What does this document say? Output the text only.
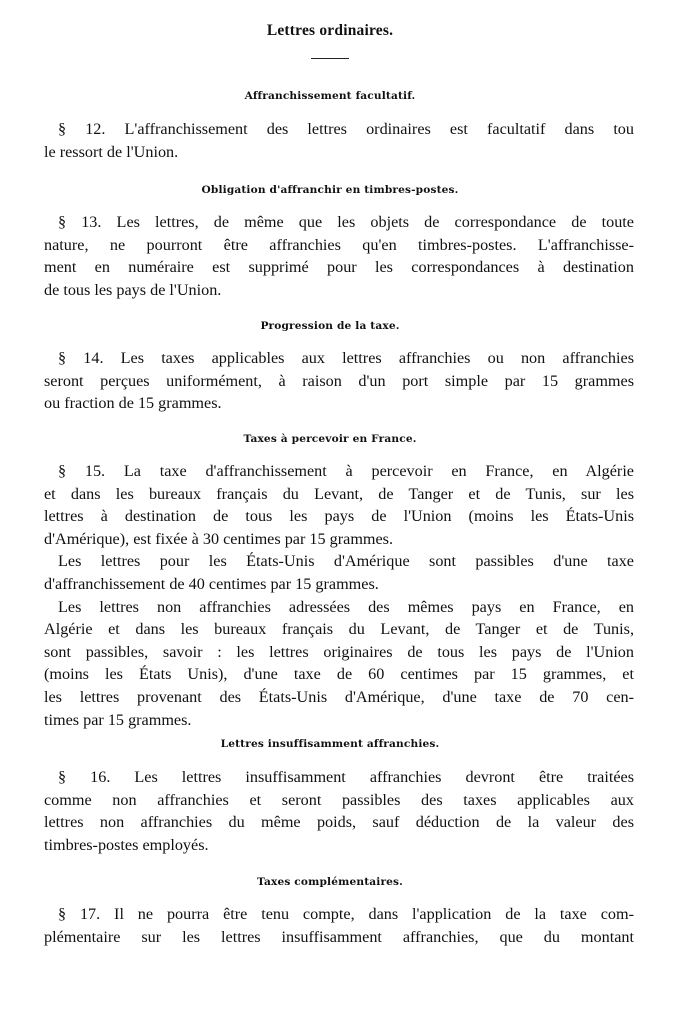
Lettres ordinaires.
Affranchissement facultatif.
§ 12. L'affranchissement des lettres ordinaires est facultatif dans tou
le ressort de l'Union.
Obligation d'affranchir en timbres-postes.
§ 13. Les lettres, de même que les objets de correspondance de toute
nature, ne pourront être affranchies qu'en timbres-postes. L'affranchisse-
ment en numéraire est supprimé pour les correspondances à destination
de tous les pays de l'Union.
Progression de la taxe.
§ 14. Les taxes applicables aux lettres affranchies ou non affranchies
seront perçues uniformément, à raison d'un port simple par 15 grammes
ou fraction de 15 grammes.
Taxes à percevoir en France.
§ 15. La taxe d'affranchissement à percevoir en France, en Algérie
et dans les bureaux français du Levant, de Tanger et de Tunis, sur les
lettres à destination de tous les pays de l'Union (moins les États-Unis
d'Amérique), est fixée à 30 centimes par 15 grammes.
Les lettres pour les États-Unis d'Amérique sont passibles d'une taxe
d'affranchissement de 40 centimes par 15 grammes.
Les lettres non affranchies adressées des mêmes pays en France, en
Algérie et dans les bureaux français du Levant, de Tanger et de Tunis,
sont passibles, savoir : les lettres originaires de tous les pays de l'Union
(moins les États Unis), d'une taxe de 60 centimes par 15 grammes, et
les lettres provenant des États-Unis d'Amérique, d'une taxe de 70 cen-
times par 15 grammes.
Lettres insuffisamment affranchies.
§ 16. Les lettres insuffisamment affranchies devront être traitées
comme non affranchies et seront passibles des taxes applicables aux
lettres non affranchies du même poids, sauf déduction de la valeur des
timbres-postes employés.
Taxes complémentaires.
§ 17. Il ne pourra être tenu compte, dans l'application de la taxe com-
plémentaire sur les lettres insuffisamment affranchies, que du montant
